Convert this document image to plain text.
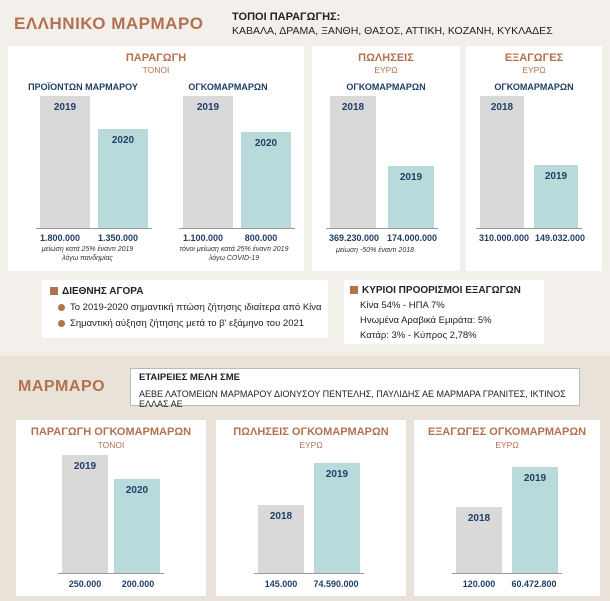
ΕΛΛΗΝΙΚΟ ΜΑΡΜΑΡΟ	ΤΟΠΟΙ ΠΑΡΑΓΩΓΗΣ:
ΚΑΒΑΛΑ, ΔΡΑΜΑ, ΞΑΝΘΗ, ΘΑΣΟΣ, ΑΤΤΙΚΗ, ΚΟΖΑΝΗ, ΚΥΚΛΑΔΕΣ
ΠΑΡΑΓΩΓΗ
ΤΟΝΟΙ
ΠΡΟΪΟΝΤΩΝ ΜΑΡΜΑΡΟΥ	ΟΓΚΟΜΑΡΜΑΡΩΝ
1.800.000	1.350.000	1.100.000	800.000
μείωση κατά 25% έναντι 2019 λόγω πανδημίας
τόνοι μείωση κατά 25% έναντι 2019 λόγω COVID-19
ΠΩΛΗΣΕΙΣ
ΕΥΡΩ
ΟΓΚΟΜΑΡΜΑΡΩΝ
369.230.000 174.000.000
μείωση -50% έναντι 2018
ΕΞΑΓΩΓΕΣ
ΕΥΡΩ
ΟΓΚΟΜΑΡΜΑΡΩΝ
310.000.000 149.032.000
ΔΙΕΘΝΗΣ ΑΓΟΡΑ
Το 2019-2020 σημαντική πτώση ζήτησης ιδιαίτερα από Κίνα
Σημαντική αύξηση ζήτησης μετά το β' εξάμηνο του 2021
ΚΥΡΙΟΙ ΠΡΟΟΡΙΣΜΟΙ ΕΞΑΓΩΓΩΝ
Κίνα 54% - ΗΠΑ 7%
Ηνωμένα Αραβικά Εμιράτα: 5%
Κατάρ: 3% - Κύπρος 2,78%
ΜΑΡΜΑΡΟ
ΕΤΑΙΡΕΙΕΣ ΜΕΛΗ ΣΜΕ
ΑΕΒΕ ΛΑΤΟΜΕΙΩΝ ΜΑΡΜΑΡΟΥ ΔΙΟΝΥΣΟΥ ΠΕΝΤΕΛΗΣ, ΠΑΥΛΙΔΗΣ ΑΕ ΜΑΡΜΑΡΑ ΓΡΑΝΙΤΕΣ, ΙΚΤΙΝΟΣ ΕΛΛΑΣ ΑΕ
ΠΑΡΑΓΩΓΗ ΟΓΚΟΜΑΡΜΑΡΩΝ
ΤΟΝΟΙ
250.000	200.000
ΠΩΛΗΣΕΙΣ ΟΓΚΟΜΑΡΜΑΡΩΝ
ΕΥΡΩ
145.000	74.590.000
ΕΞΑΓΩΓΕΣ ΟΓΚΟΜΑΡΜΑΡΩΝ
ΕΥΡΩ
120.000	60.472.800
2019
2020
2019
2020
2018
2019
2018
2019
2019
2020
2018
2019
2018
2019
